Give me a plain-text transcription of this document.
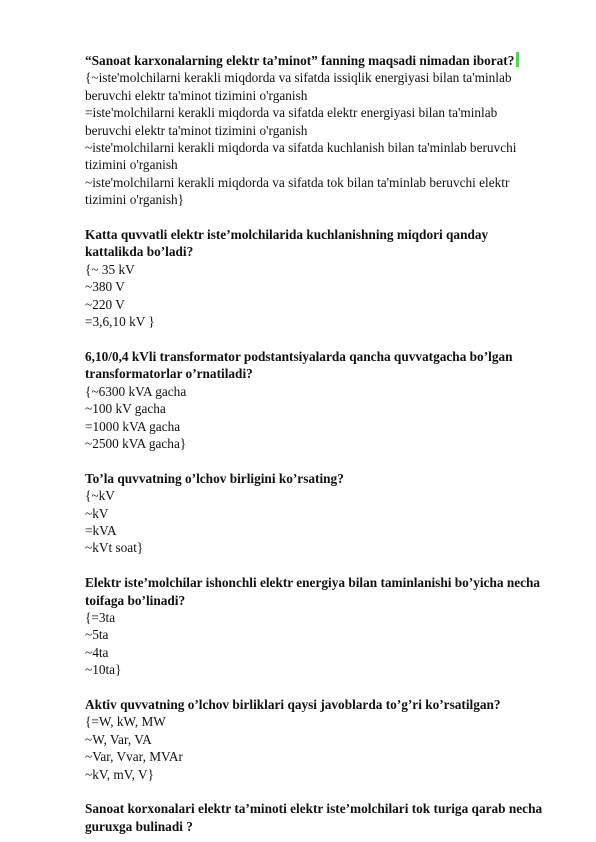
“Sanoat karxonalarning elektr ta’minot” fanning maqsadi nimadan iborat?

{~iste'molchilarni kerakli miqdorda va sifatda issiqlik energiyasi bilan ta'minlab beruvchi elektr ta'minot tizimini o'rganish

=iste'molchilarni kerakli miqdorda va sifatda elektr energiyasi bilan ta'minlab beruvchi elektr ta'minot tizimini o'rganish

~iste'molchilarni kerakli miqdorda va sifatda kuchlanish bilan ta'minlab beruvchi tizimini o'rganish

~iste'molchilarni kerakli miqdorda va sifatda tok bilan ta'minlab beruvchi elektr tizimini o'rganish}

Katta quvvatli elektr iste’molchilarida kuchlanishning miqdori qanday kattalikda bo’ladi?

{~ 35 kV

~380 V

~220 V

=3,6,10 kV }

6,10/0,4 kVli transformator podstantsiyalarda qancha quvvatgacha bo’lgan transformatorlar o’rnatiladi?

{~6300 kVA gacha

~100 kV gacha

=1000 kVA gacha

~2500 kVA gacha}

To’la quvvatning o’lchov birligini ko’rsating?

{~kV

~kV

=kVA

~kVt soat}

Elektr iste’molchilar ishonchli elektr energiya bilan taminlanishi bo’yicha necha toifaga bo’linadi?

{=3ta

~5ta

~4ta

~10ta}

Aktiv quvvatning o’lchov birliklari qaysi javoblarda to’g’ri ko’rsatilgan?

{=W, kW, MW

~W, Var, VA

~Var, Vvar, MVAr

~kV, mV, V}

Sanoat korxonalari elektr ta’minoti elektr iste’molchilari tok turiga qarab necha guruxga bulinadi ?
